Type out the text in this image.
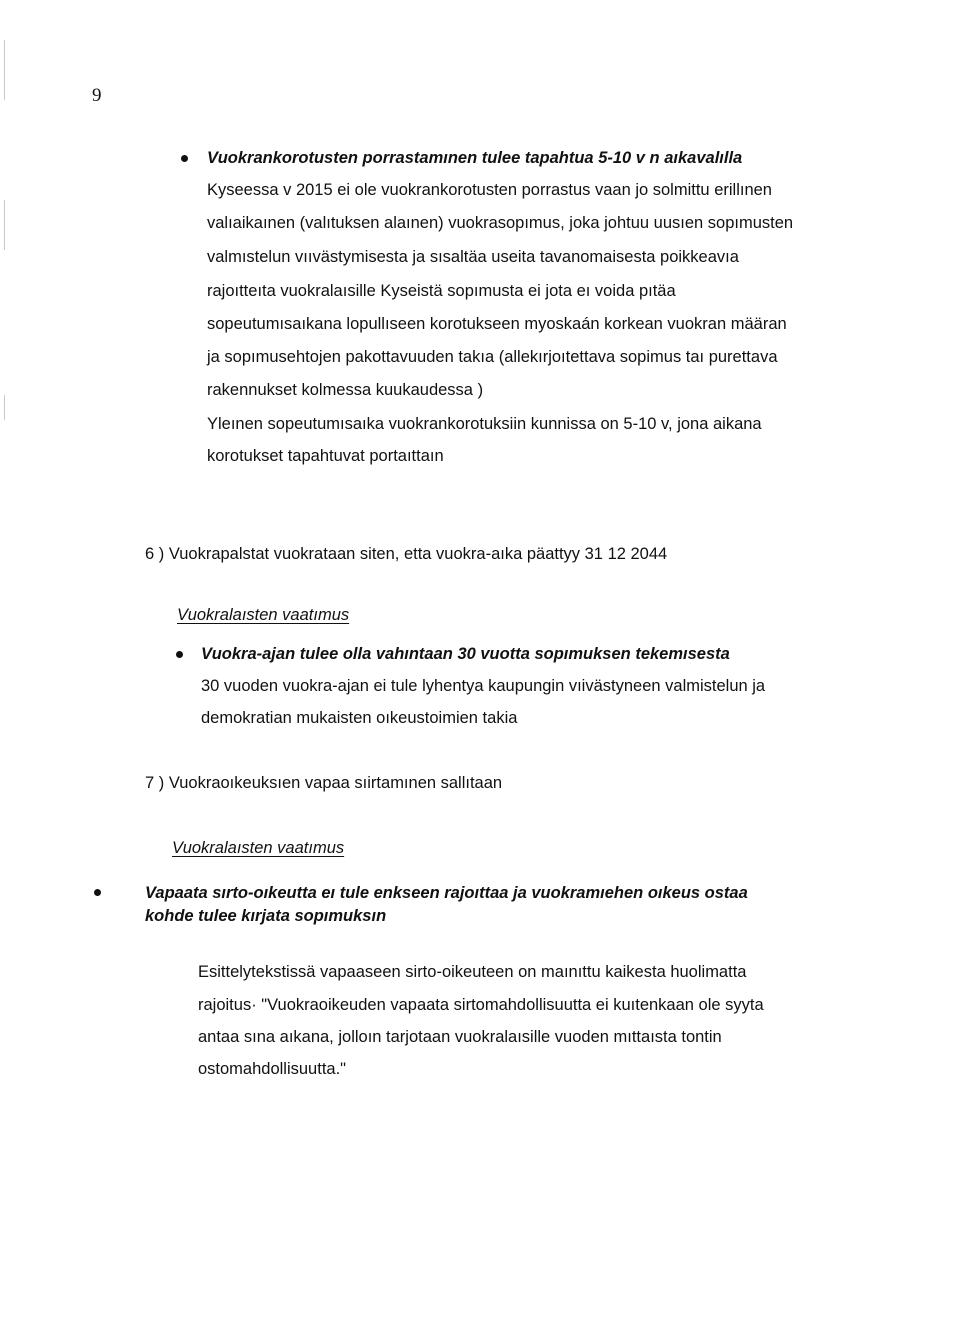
9
Vuokrankorotusten porrastamınen tulee tapahtua 5-10 v n aıkavalılla
Kyseessa v 2015 ei ole vuokrankorotusten porrastus vaan jo solmittu erillınen
valıaikaınen (valıtuksen alaınen) vuokrasopımus, joka johtuu uusıen sopımusten
valmıstelun vııvästymisesta ja sısaltäa useita tavanomaisesta poikkeavıa
rajoıtteıta vuokralaısille Kyseistä sopımusta ei jota eı voida pıtäa
sopeutumısaıkana lopullıseen korotukseen myoskaán korkean vuokran määran
ja sopımusehtojen pakottavuuden takıa (allekırjoıtettava sopimus taı purettava
rakennukset kolmessa kuukaudessa )
Yleınen sopeutumısaıka vuokrankorotuksiin kunnissa on 5-10 v, jona aikana
korotukset tapahtuvat portaıttaın
6 ) Vuokrapalstat vuokrataan siten, etta vuokra-aıka päattyy 31 12 2044
Vuokralaısten vaatımus
Vuokra-ajan tulee olla vahıntaan 30 vuotta sopımuksen tekemısesta
30 vuoden vuokra-ajan ei tule lyhentya kaupungin vıivästyneen valmistelun ja
demokratian mukaisten oıkeustoimien takia
7 ) Vuokraoıkeuksıen vapaa sıirtamınen sallıtaan
Vuokralaısten vaatımus
Vapaata sırto-oıkeutta eı tule enkseen rajoıttaa ja vuokramıehen oıkeus ostaa
kohde tulee kırjata sopımuksın
Esittelytekstissä vapaaseen sirto-oikeuteen on maınıttu kaikesta huolimatta
rajoitus· "Vuokraoikeuden vapaata sirtomahdollisuutta ei kuıtenkaan ole syyta
antaa sına aıkana, jolloın tarjotaan vuokralaısille vuoden mıttaısta tontin
ostomahdollisuutta."
